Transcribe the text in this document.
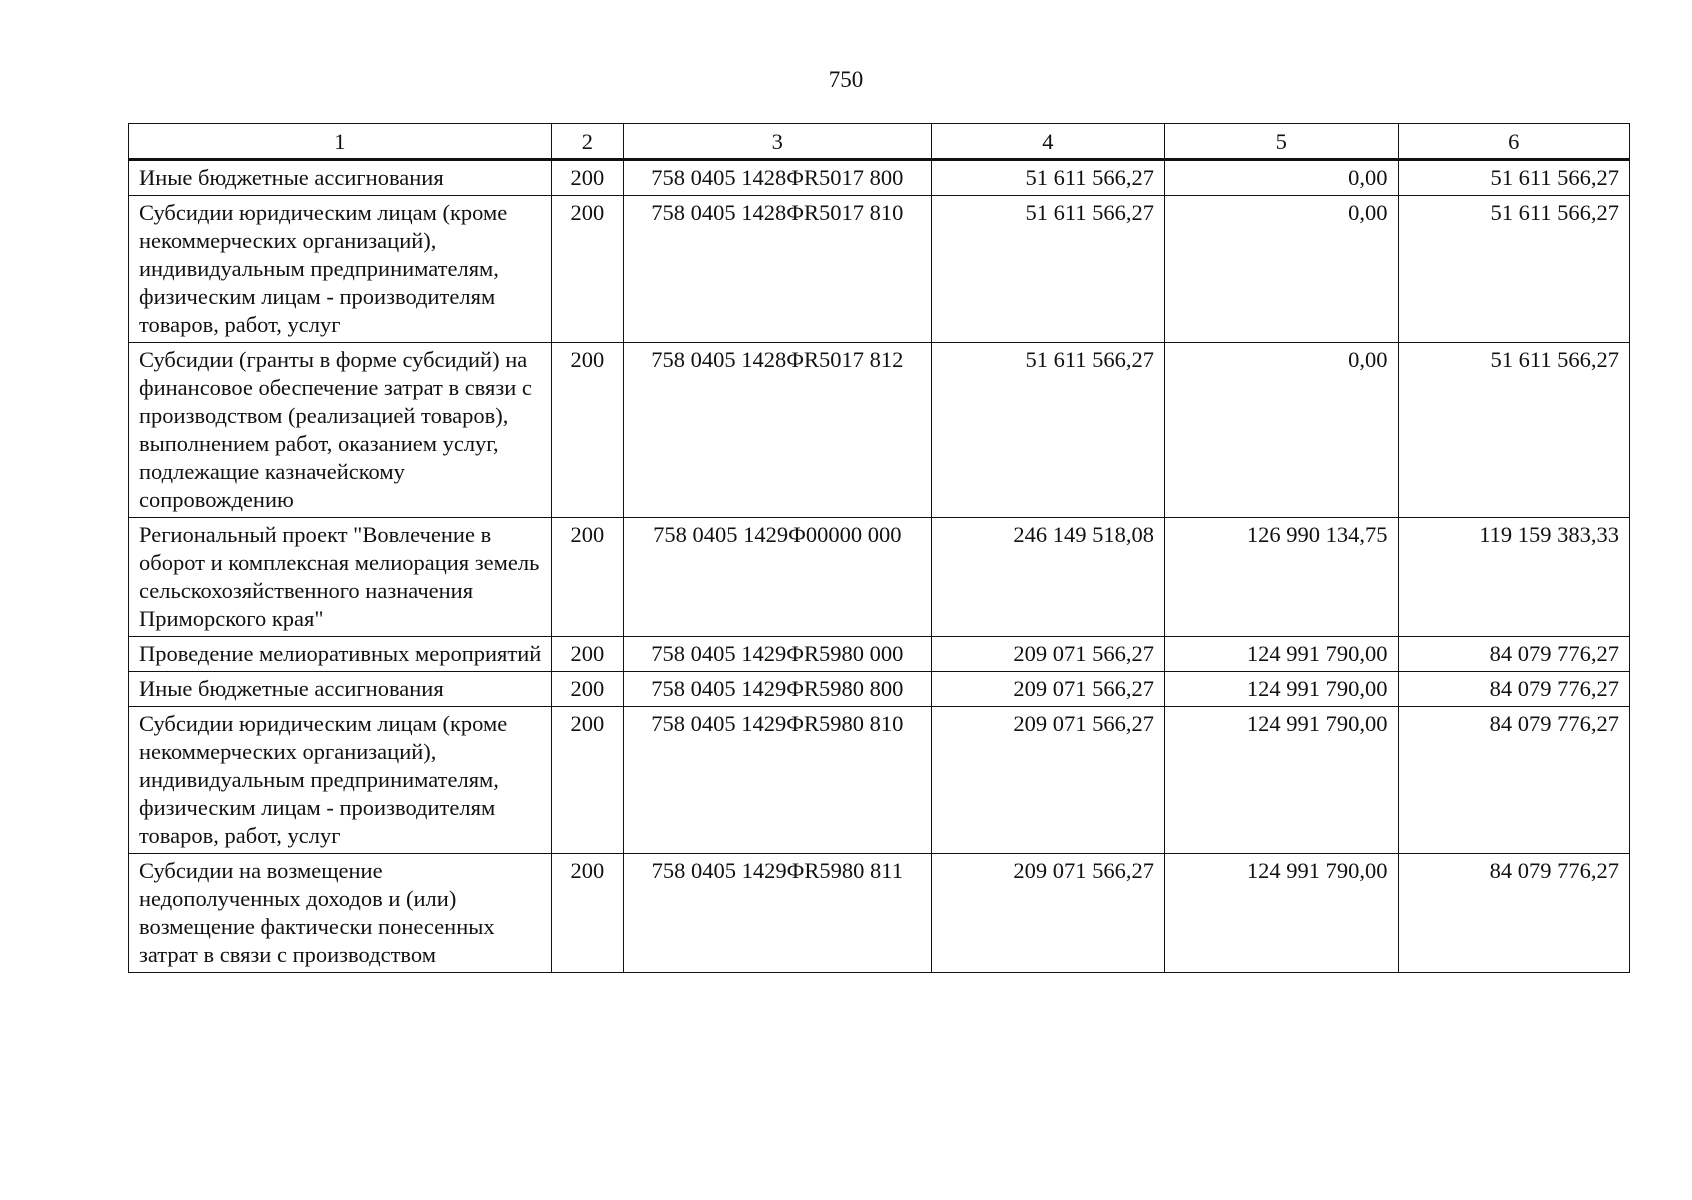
750
1	2	3	4	5	6
Иные бюджетные ассигнования	200	758 0405 1428ФR5017 800	51 611 566,27	0,00	51 611 566,27
Субсидии юридическим лицам (кроме некоммерческих организаций), индивидуальным предпринимателям, физическим лицам - производителям товаров, работ, услуг	200	758 0405 1428ФR5017 810	51 611 566,27	0,00	51 611 566,27
Субсидии (гранты в форме субсидий) на финансовое обеспечение затрат в связи с производством (реализацией товаров), выполнением работ, оказанием услуг, подлежащие казначейскому сопровождению	200	758 0405 1428ФR5017 812	51 611 566,27	0,00	51 611 566,27
Региональный проект "Вовлечение в оборот и комплексная мелиорация земель сельскохозяйственного назначения Приморского края"	200	758 0405 1429Ф00000 000	246 149 518,08	126 990 134,75	119 159 383,33
Проведение мелиоративных мероприятий	200	758 0405 1429ФR5980 000	209 071 566,27	124 991 790,00	84 079 776,27
Иные бюджетные ассигнования	200	758 0405 1429ФR5980 800	209 071 566,27	124 991 790,00	84 079 776,27
Субсидии юридическим лицам (кроме некоммерческих организаций), индивидуальным предпринимателям, физическим лицам - производителям товаров, работ, услуг	200	758 0405 1429ФR5980 810	209 071 566,27	124 991 790,00	84 079 776,27
Субсидии на возмещение недополученных доходов и (или) возмещение фактически понесенных затрат в связи с производством	200	758 0405 1429ФR5980 811	209 071 566,27	124 991 790,00	84 079 776,27
